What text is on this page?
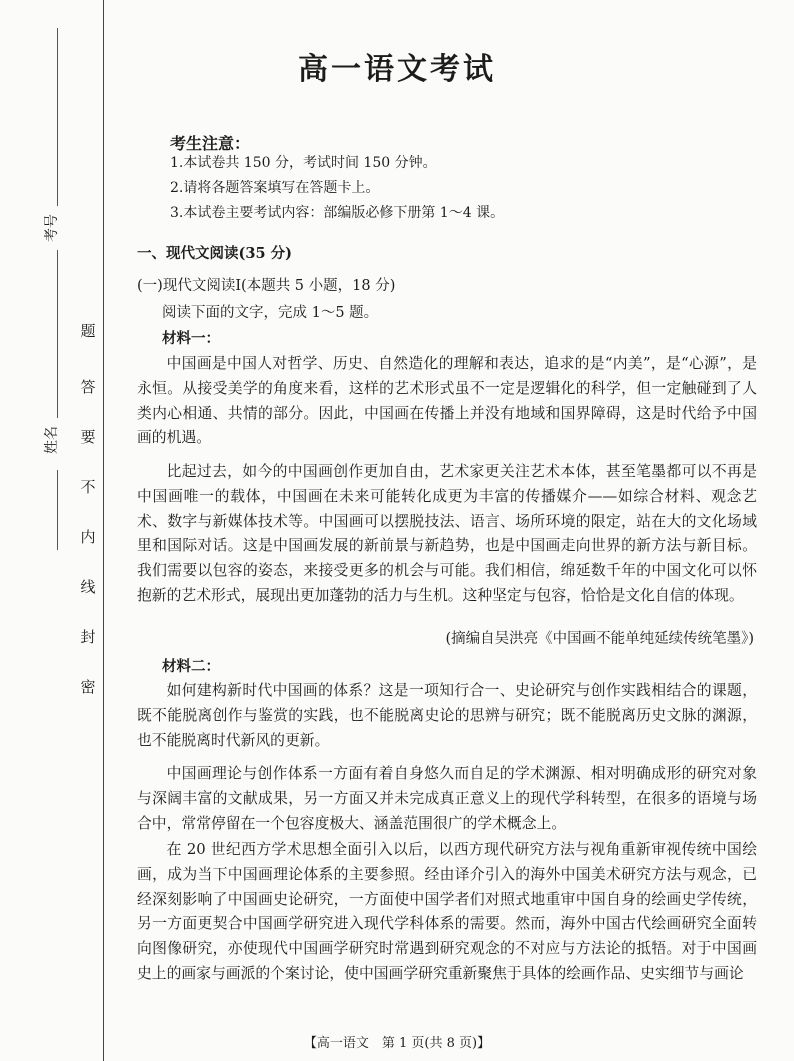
考号
姓名
题
答
要
不
内
线
封
密
高一语文考试
考生注意：
1.本试卷共 150 分，考试时间 150 分钟。
2.请将各题答案填写在答题卡上。
3.本试卷主要考试内容：部编版必修下册第 1～4 课。
一、现代文阅读(35 分)
(一)现代文阅读Ⅰ(本题共 5 小题，18 分)
阅读下面的文字，完成 1～5 题。
材料一：
中国画是中国人对哲学、历史、自然造化的理解和表达，追求的是“内美”，是“心源”，是永恒。从接受美学的角度来看，这样的艺术形式虽不一定是逻辑化的科学，但一定触碰到了人类内心相通、共情的部分。因此，中国画在传播上并没有地域和国界障碍，这是时代给予中国画的机遇。
比起过去，如今的中国画创作更加自由，艺术家更关注艺术本体，甚至笔墨都可以不再是中国画唯一的载体，中国画在未来可能转化成更为丰富的传播媒介——如综合材料、观念艺术、数字与新媒体技术等。中国画可以摆脱技法、语言、场所环境的限定，站在大的文化场域里和国际对话。这是中国画发展的新前景与新趋势，也是中国画走向世界的新方法与新目标。我们需要以包容的姿态，来接受更多的机会与可能。我们相信，绵延数千年的中国文化可以怀抱新的艺术形式，展现出更加蓬勃的活力与生机。这种坚定与包容，恰恰是文化自信的体现。
(摘编自吴洪亮《中国画不能单纯延续传统笔墨》)
材料二：
如何建构新时代中国画的体系？这是一项知行合一、史论研究与创作实践相结合的课题，既不能脱离创作与鉴赏的实践，也不能脱离史论的思辨与研究；既不能脱离历史文脉的渊源，也不能脱离时代新风的更新。
中国画理论与创作体系一方面有着自身悠久而自足的学术渊源、相对明确成形的研究对象与深阔丰富的文献成果，另一方面又并未完成真正意义上的现代学科转型，在很多的语境与场合中，常常停留在一个包容度极大、涵盖范围很广的学术概念上。
在 20 世纪西方学术思想全面引入以后，以西方现代研究方法与视角重新审视传统中国绘画，成为当下中国画理论体系的主要参照。经由译介引入的海外中国美术研究方法与观念，已经深刻影响了中国画史论研究，一方面使中国学者们对照式地重审中国自身的绘画史学传统，另一方面更契合中国画学研究进入现代学科体系的需要。然而，海外中国古代绘画研究全面转向图像研究，亦使现代中国画学研究时常遇到研究观念的不对应与方法论的抵牾。对于中国画史上的画家与画派的个案讨论，使中国画学研究重新聚焦于具体的绘画作品、史实细节与画论
【高一语文　第 1 页(共 8 页)】
